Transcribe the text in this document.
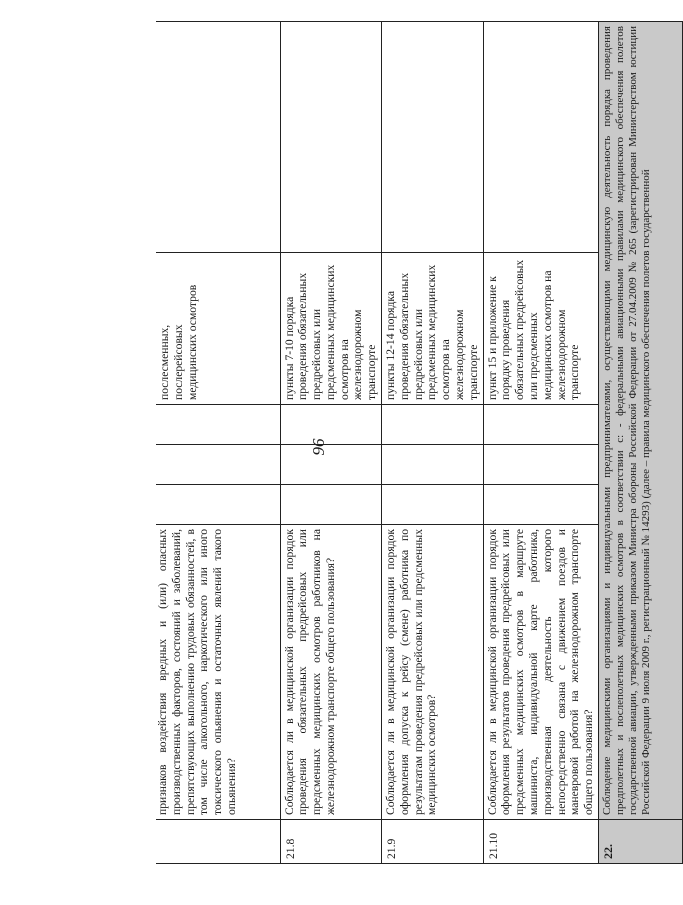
96
	признаков воздействия вредных и (или) опасных производственных факторов, состояний и заболеваний, препятствующих выполнению трудовых обязанностей, в том числе алкогольного, наркотического или иного токсического опьянения и остаточных явлений такого опьянения?				послесменных, послерейсовых медицинских осмотров	
21.8	Соблюдается ли в медицинской организации порядок проведения обязательных предрейсовых или предсменных медицинских осмотров работников на железнодорожном транспорте общего пользования?				пункты 7-10 порядка проведения обязательных предрейсовых или предсменных медицинских осмотров на железнодорожном транспорте	
21.9	Соблюдается ли в медицинской организации порядок оформления допуска к рейсу (смене) работника по результатам проведения предрейсовых или предсменных медицинских осмотров?				пункты 12-14 порядка проведения обязательных предрейсовых или предсменных медицинских осмотров на железнодорожном транспорте	
21.10	Соблюдается ли в медицинской организации порядок оформления результатов проведения предрейсовых или предсменных медицинских осмотров в маршруте машиниста, индивидуальной карте работника, производственная деятельность которого непосредственно связана с движением поездов и маневровой работой на железнодорожном транспорте общего пользования?				пункт 15 и приложение к порядку проведения обязательных предрейсовых или предсменных медицинских осмотров на железнодорожном транспорте	
22.	Соблюдение медицинскими организациями и индивидуальными предпринимателями, осуществляющими медицинскую деятельность порядка проведения предполетных и послеполетных медицинских осмотров в соответствии с: - федеральными авиационными правилами медицинского обеспечения полетов государственной авиации, утвержденными приказом Министра обороны Российской Федерации от 27.04.2009 № 265 (зарегистрирован Министерством юстиции Российской Федерации 9 июля 2009 г., регистрационный № 14293) (далее – правила медицинского обеспечения полетов государственной					
